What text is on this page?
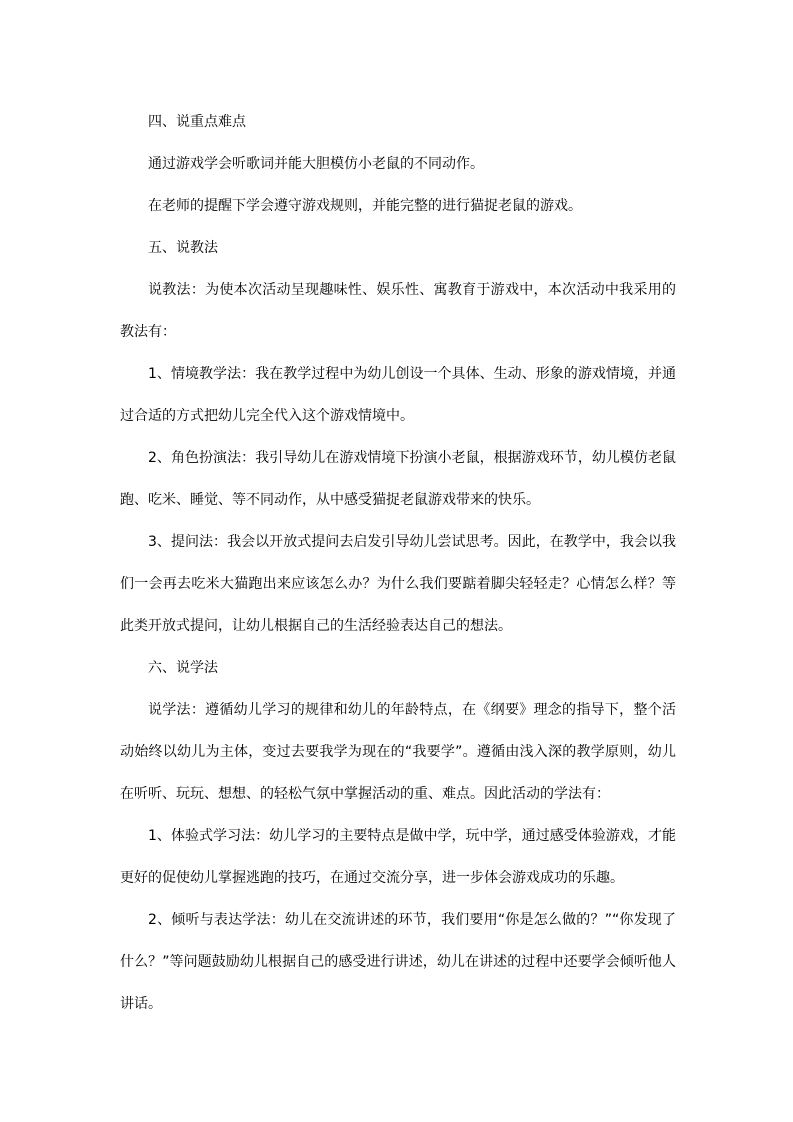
四、说重点难点

通过游戏学会听歌词并能大胆模仿小老鼠的不同动作。

在老师的提醒下学会遵守游戏规则，并能完整的进行猫捉老鼠的游戏。

五、说教法

说教法：为使本次活动呈现趣味性、娱乐性、寓教育于游戏中，本次活动中我采用的教法有：

1、情境教学法：我在教学过程中为幼儿创设一个具体、生动、形象的游戏情境，并通过合适的方式把幼儿完全代入这个游戏情境中。

2、角色扮演法：我引导幼儿在游戏情境下扮演小老鼠，根据游戏环节，幼儿模仿老鼠跑、吃米、睡觉、等不同动作，从中感受猫捉老鼠游戏带来的快乐。

3、提问法：我会以开放式提问去启发引导幼儿尝试思考。因此，在教学中，我会以我们一会再去吃米大猫跑出来应该怎么办？为什么我们要踮着脚尖轻轻走？心情怎么样？等此类开放式提问，让幼儿根据自己的生活经验表达自己的想法。

六、说学法

说学法：遵循幼儿学习的规律和幼儿的年龄特点，在《纲要》理念的指导下，整个活动始终以幼儿为主体，变过去要我学为现在的“我要学”。遵循由浅入深的教学原则，幼儿在听听、玩玩、想想、的轻松气氛中掌握活动的重、难点。因此活动的学法有：

1、体验式学习法：幼儿学习的主要特点是做中学，玩中学，通过感受体验游戏，才能更好的促使幼儿掌握逃跑的技巧，在通过交流分享，进一步体会游戏成功的乐趣。

2、倾听与表达学法：幼儿在交流讲述的环节，我们要用“你是怎么做的？”“你发现了什么？”等问题鼓励幼儿根据自己的感受进行讲述，幼儿在讲述的过程中还要学会倾听他人讲话。
